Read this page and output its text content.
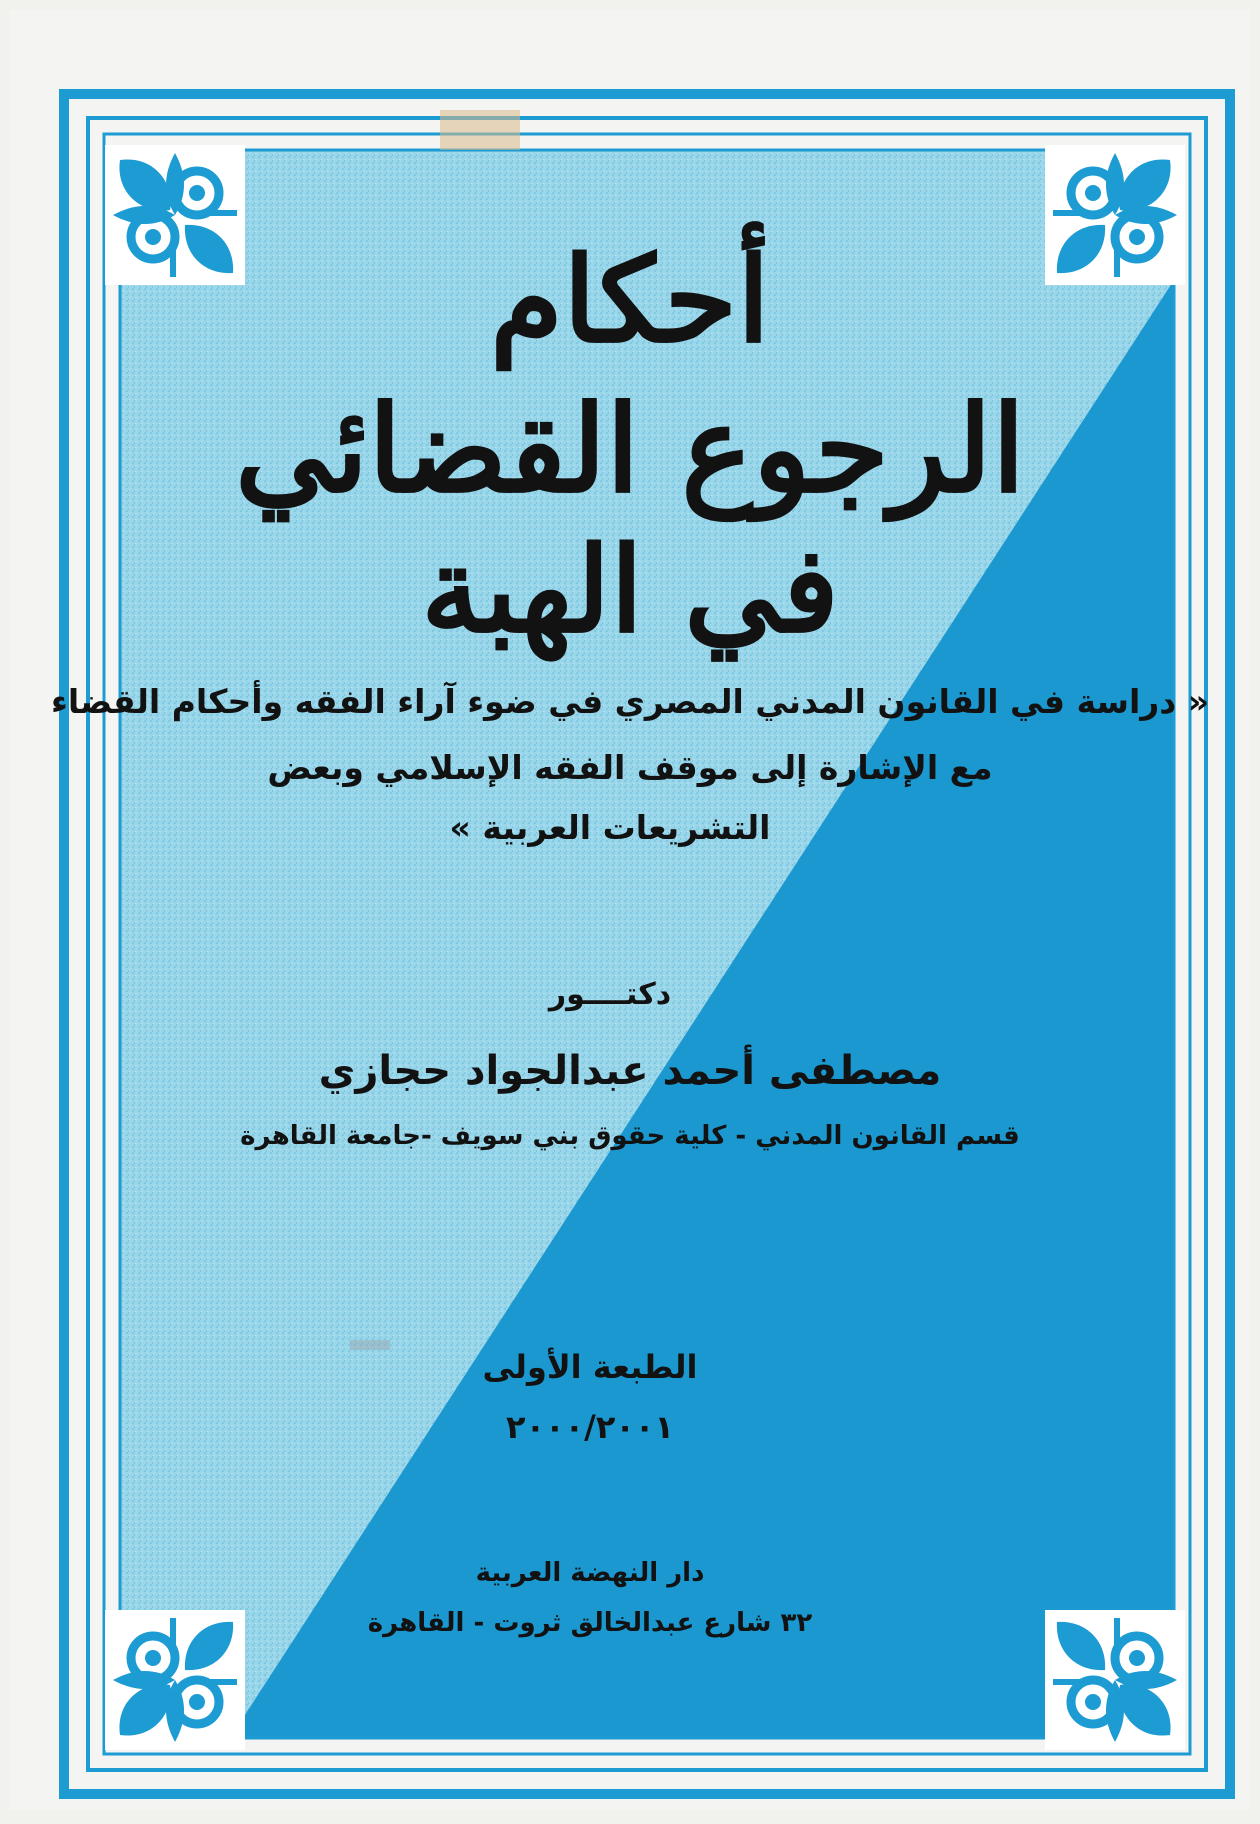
أحكام
الرجوع القضائي
في الهبة
« دراسة في القانون المدني المصري في ضوء آراء الفقه وأحكام القضاء
مع الإشارة إلى موقف الفقه الإسلامي وبعض
التشريعات العربية »
دكتــــور
مصطفى أحمد عبدالجواد حجازي
قسم القانون المدني - كلية حقوق بني سويف -جامعة القاهرة
الطبعة الأولى
٢٠٠٠/٢٠٠١
دار النهضة العربية
٣٢ شارع عبدالخالق ثروت - القاهرة
